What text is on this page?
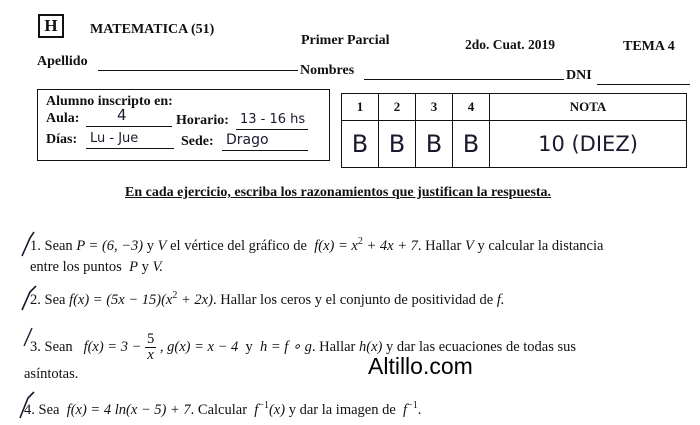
H	MATEMATICA (51)
Primer Parcial	2do. Cuat. 2019	TEMA 4
Apellido
Nombres	DNI
Alumno inscripto en:
Aula:	4	Horario: 13 - 16 hs
Días: Lu - Jue	Sede: Drago
1	2	3	4	NOTA
B	B	B	B	10 (DIEZ)
En cada ejercicio, escriba los razonamientos que justifican la respuesta.
1. Sean P = (6, −3) y V el vértice del gráfico de $f(x) = x^2 + 4x + 7$. Hallar V y calcular la distancia
entre los puntos P y V.
2. Sea $f(x) = (5x - 15)(x^2 + 2x)$. Hallar los ceros y el conjunto de positividad de f.
3. Sean $f(x) = 3 - \frac{5}{x}$ , g(x) = x − 4 y h = f ∘ g. Hallar h(x) y dar las ecuaciones de todas sus
asíntotas.	Altillo.com
4. Sea f(x) = 4 ln(x − 5) + 7. Calcular $f^{-1}(x)$ y dar la imagen de $f^{-1}$.
